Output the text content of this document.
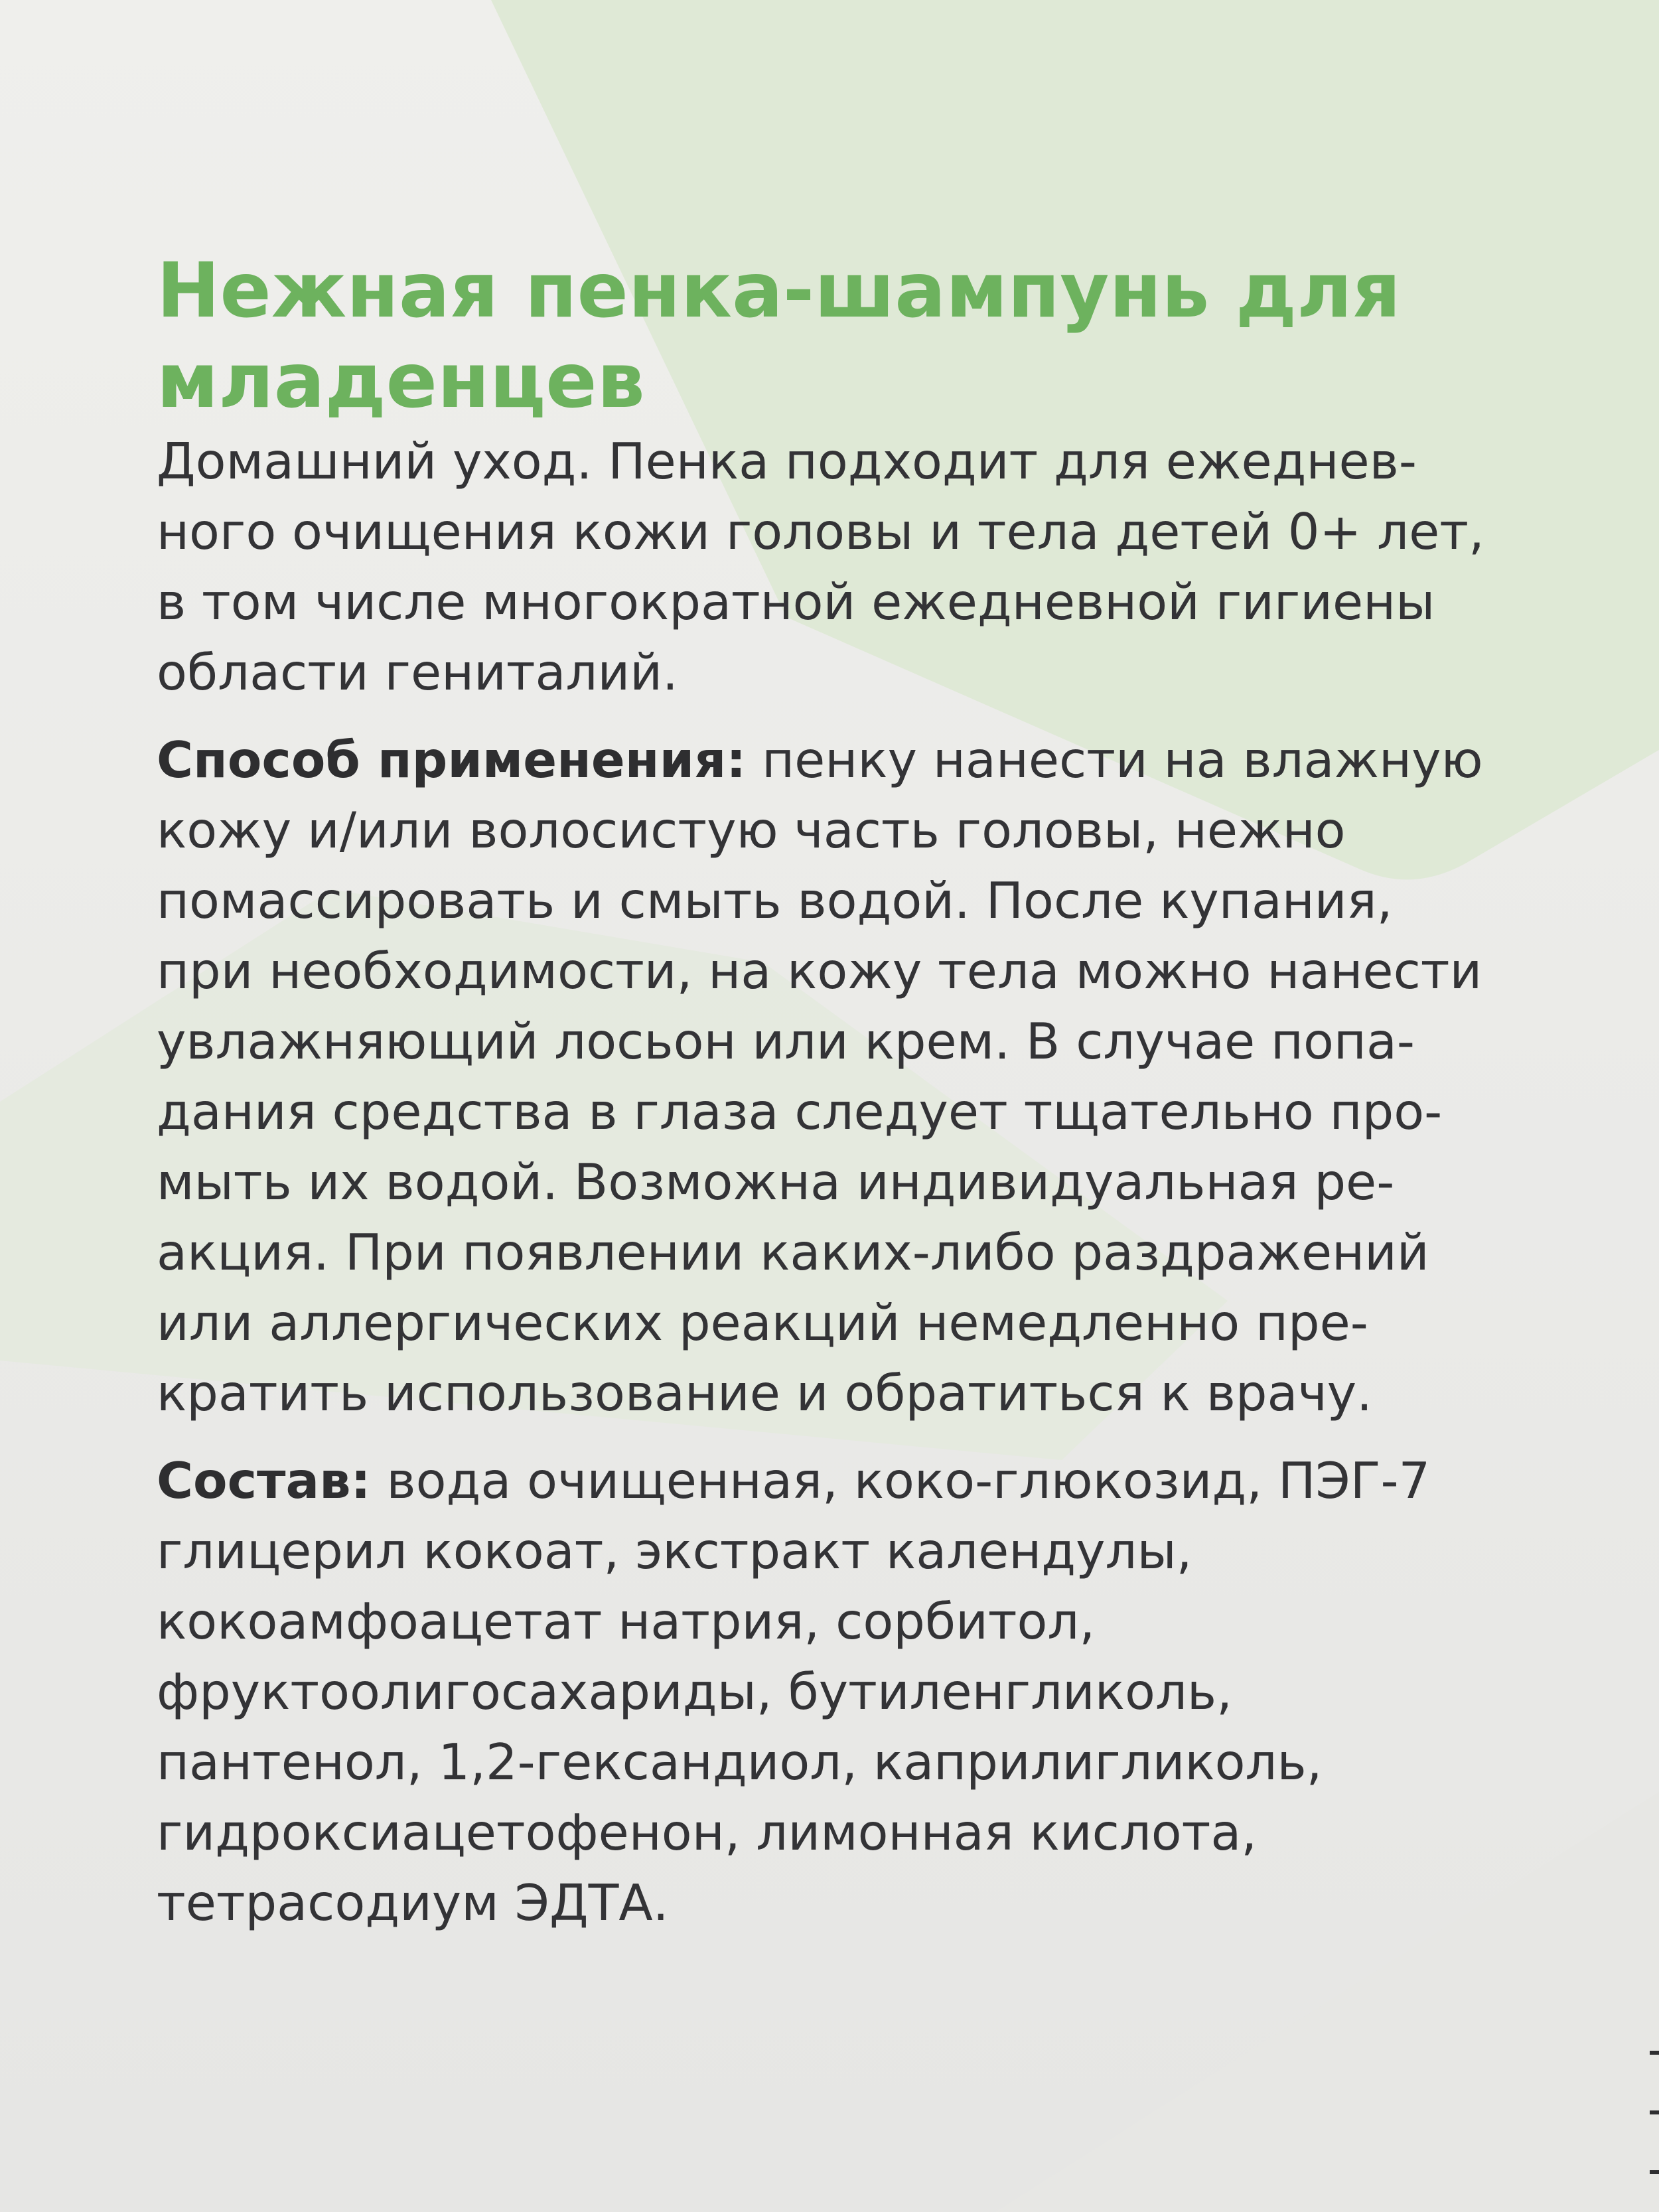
Нежная пенка-шампунь для
младенцев
Домашний уход. Пенка подходит для ежеднев-
ного очищения кожи головы и тела детей 0+ лет,
в том числе многократной ежедневной гигиены
области гениталий.
Способ применения: пенку нанести на влажную
кожу и/или волосистую часть головы, нежно
помассировать и смыть водой. После купания,
при необходимости, на кожу тела можно нанести
увлажняющий лосьон или крем. В случае попа-
дания средства в глаза следует тщательно про-
мыть их водой. Возможна индивидуальная ре-
акция. При появлении каких-либо раздражений
или аллергических реакций немедленно пре-
кратить использование и обратиться к врачу.
Состав: вода очищенная, коко-глюкозид, ПЭГ-7
глицерил кокоат, экстракт календулы,
кокоамфоацетат натрия, сорбитол,
фруктоолигосахариды, бутиленгликоль,
пантенол, 1,2-гександиол, каприлигликоль,
гидроксиацетофенон, лимонная кислота,
тетрасодиум ЭДТА.
